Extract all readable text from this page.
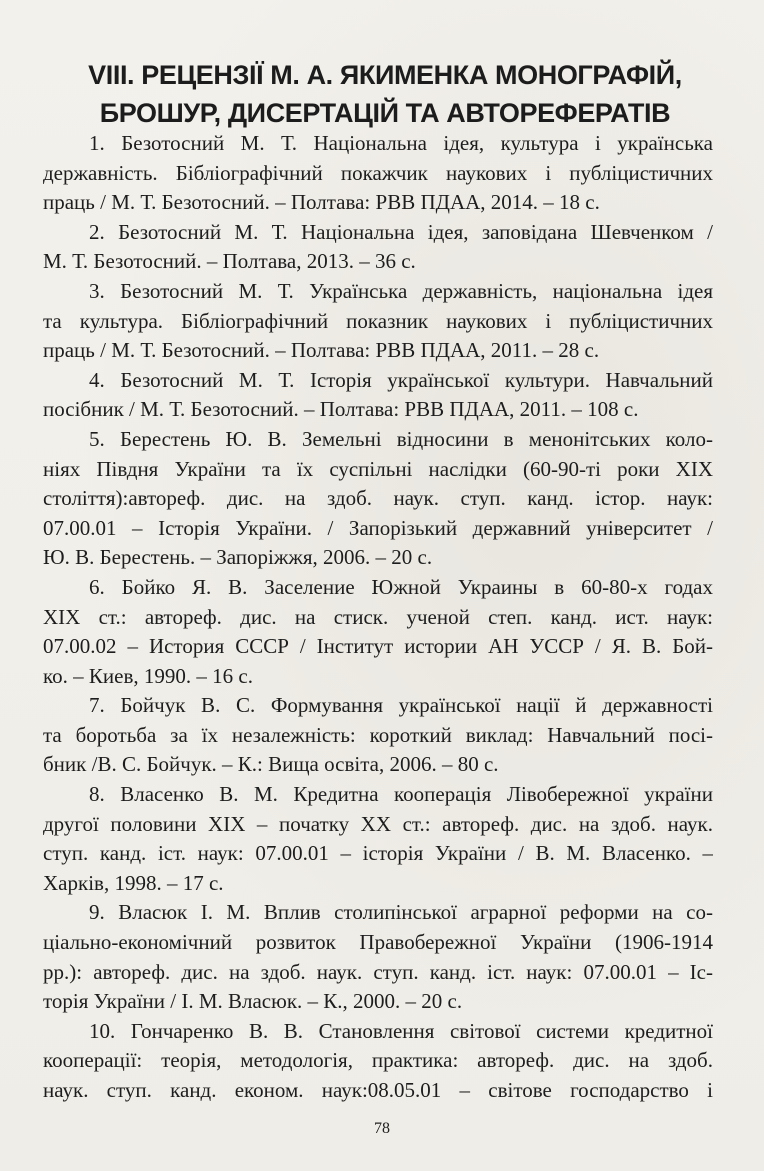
VIII. РЕЦЕНЗІЇ М. А. ЯКИМЕНКА МОНОГРАФІЙ,
БРОШУР, ДИСЕРТАЦІЙ ТА АВТОРЕФЕРАТІВ
1. Безотосний М. Т. Національна ідея, культура і українська
державність. Бібліографічний покажчик наукових і публіцистичних
праць / М. Т. Безотосний. – Полтава: РВВ ПДАА, 2014. – 18 с.
2. Безотосний М. Т. Національна ідея, заповідана Шевченком /
М. Т. Безотосний. – Полтава, 2013. – 36 с.
3. Безотосний М. Т. Українська державність, національна ідея
та культура. Бібліографічний показник наукових і публіцистичних
праць / М. Т. Безотосний. – Полтава: РВВ ПДАА, 2011. – 28 с.
4. Безотосний М. Т. Історія української культури. Навчальний
посібник / М. Т. Безотосний. – Полтава: РВВ ПДАА, 2011. – 108 с.
5. Берестень Ю. В. Земельні відносини в менонітських коло-
ніях Півдня України та їх суспільні наслідки (60-90-ті роки XIX
століття):автореф. дис. на здоб. наук. ступ. канд. істор. наук:
07.00.01 – Історія України. / Запорізький державний університет /
Ю. В. Берестень. – Запоріжжя, 2006. – 20 с.
6. Бойко Я. В. Заселение Южной Украины в 60-80-х годах
XIX ст.: автореф. дис. на стиск. ученой степ. канд. ист. наук:
07.00.02 – История СССР / Інститут истории АН УССР / Я. В. Бой-
ко. – Киев, 1990. – 16 с.
7. Бойчук В. С. Формування української нації й державності
та боротьба за їх незалежність: короткий виклад: Навчальний посі-
бник /В. С. Бойчук. – К.: Вища освіта, 2006. – 80 с.
8. Власенко В. М. Кредитна кооперація Лівобережної україни
другої половини XIX – початку XX ст.: автореф. дис. на здоб. наук.
ступ. канд. іст. наук: 07.00.01 – історія України / В. М. Власенко. –
Харків, 1998. – 17 с.
9. Власюк І. М. Вплив столипінської аграрної реформи на со-
ціально-економічний розвиток Правобережної України (1906-1914
рр.): автореф. дис. на здоб. наук. ступ. канд. іст. наук: 07.00.01 – Іс-
торія України / І. М. Власюк. – К., 2000. – 20 с.
10. Гончаренко В. В. Становлення світової системи кредитної
кооперації: теорія, методологія, практика: автореф. дис. на здоб.
наук. ступ. канд. економ. наук:08.05.01 – світове господарство і
78
